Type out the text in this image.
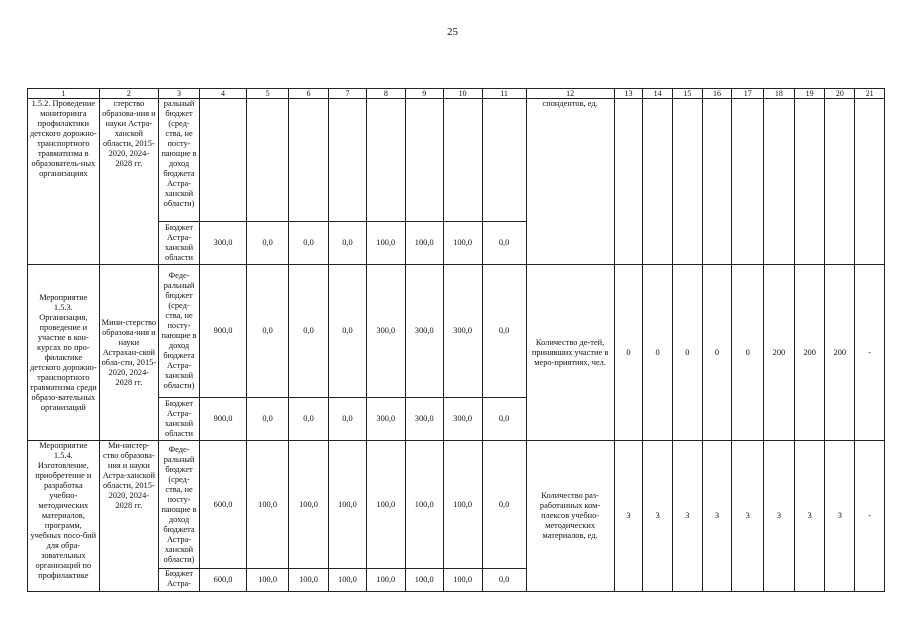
25
1	2	3	4	5	6	7	8	9	10	11	12	13	14	15	16	17	18	19	20	21
1.5.2. Проведение мониторинга профилактики детского дорожно-транспортного травматизма в образователь-ных организациях	стерство образова-ния и науки Астра-ханской области, 2015-2020, 2024-2028 гг.	ральный бюджет (сред-ства, не посту-пающие в доход бюджета Астра-ханской области)									спондентов, ед.									
		Бюджет Астра-ханской области	300,0	0,0	0,0	0,0	100,0	100,0	100,0	0,0										
Мероприятие 1.5.3. Организация, проведение и участие в кон-курсах по про-филактике детского дорожно-транспортного травматизма среди образо-вательных организаций	Мини-стерство образова-ния и науки Астрахан-ской обла-сти, 2015-2020, 2024-2028 гг.	Феде-ральный бюджет (сред-ства, не посту-пающие в доход бюджета Астра-ханской области)	900,0	0,0	0,0	0,0	300,0	300,0	300,0	0,0	Количество де-тей, принявших участие в меро-приятиях, чел.	0	0	0	0	0	200	200	200	-
		Бюджет Астра-ханской области	900,0	0,0	0,0	0,0	300,0	300,0	300,0	0,0										
Мероприятие 1.5.4. Изготовление, приобретение и разработка учебно-методических материалов, программ, учебных посо-бий для обра-зовательных организаций по профилактике	Ми-нистер-ство образова-ния и науки Астра-ханской области, 2015-2020, 2024-2028 гг.	Феде-ральный бюджет (сред-ства, не посту-пающие в доход бюджета Астра-ханской области)	600,0	100,0	100,0	100,0	100,0	100,0	100,0	0,0	Количество раз-работанных ком-плексов учебно-методических материалов, ед.	3	3	3	3	3	3	3	3	-
		Бюджет Астра-	600,0	100,0	100,0	100,0	100,0	100,0	100,0	0,0										
